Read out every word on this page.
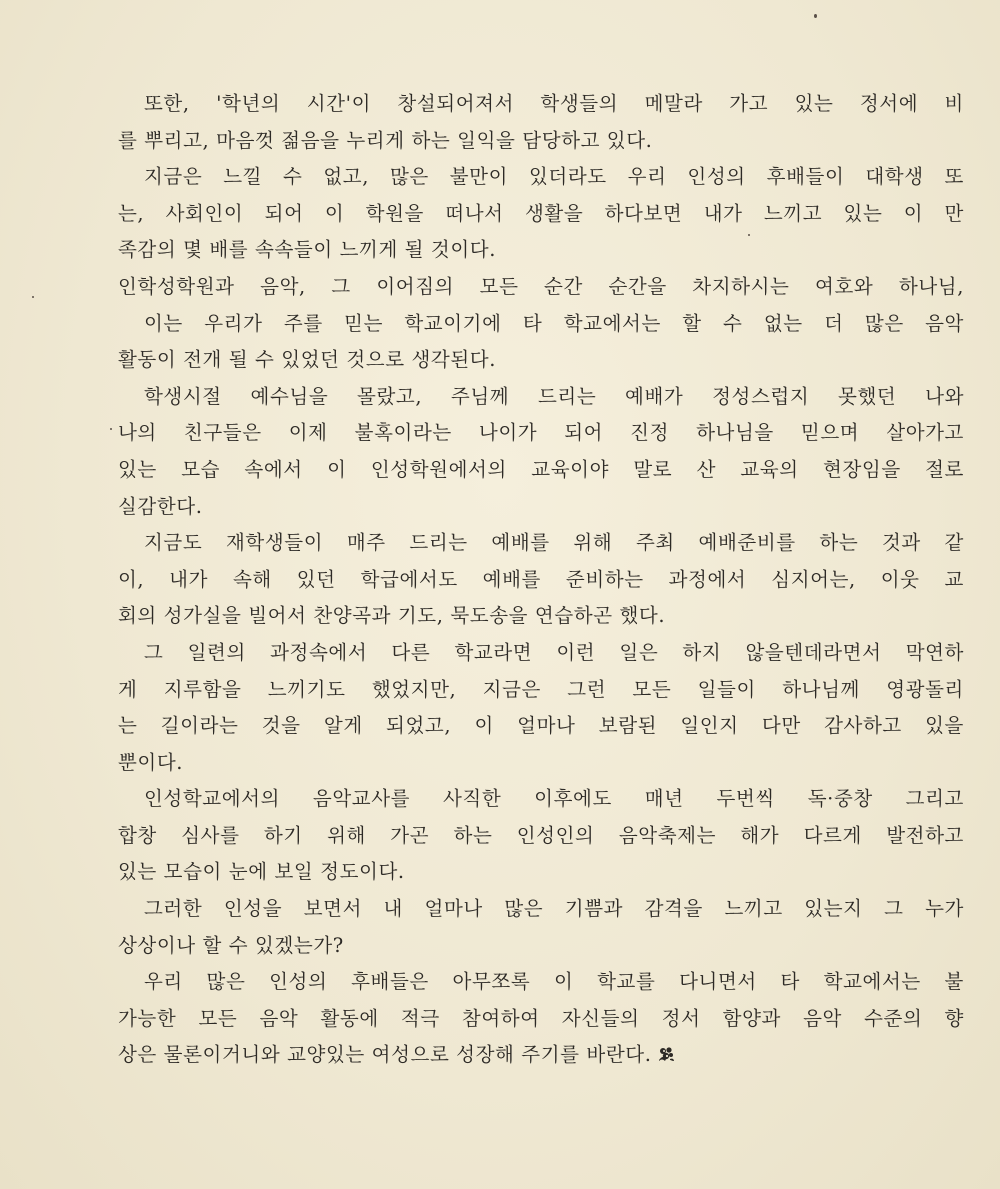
또한, '학년의 시간'이 창설되어져서 학생들의 메말라 가고 있는 정서에 비
를 뿌리고, 마음껏 젊음을 누리게 하는 일익을 담당하고 있다.
지금은 느낄 수 없고, 많은 불만이 있더라도 우리 인성의 후배들이 대학생 또
는, 사회인이 되어 이 학원을 떠나서 생활을 하다보면 내가 느끼고 있는 이 만
족감의 몇 배를 속속들이 느끼게 될 것이다.
인학성학원과 음악, 그 이어짐의 모든 순간 순간을 차지하시는 여호와 하나님,
이는 우리가 주를 믿는 학교이기에 타 학교에서는 할 수 없는 더 많은 음악
활동이 전개 될 수 있었던 것으로 생각된다.
학생시절 예수님을 몰랐고, 주님께 드리는 예배가 정성스럽지 못했던 나와
나의 친구들은 이제 불혹이라는 나이가 되어 진정 하나님을 믿으며 살아가고
있는 모습 속에서 이 인성학원에서의 교육이야 말로 산 교육의 현장임을 절로
실감한다.
지금도 재학생들이 매주 드리는 예배를 위해 주최 예배준비를 하는 것과 같
이, 내가 속해 있던 학급에서도 예배를 준비하는 과정에서 심지어는, 이웃 교
회의 성가실을 빌어서 찬양곡과 기도, 묵도송을 연습하곤 했다.
그 일련의 과정속에서 다른 학교라면 이런 일은 하지 않을텐데라면서 막연하
게 지루함을 느끼기도 했었지만, 지금은 그런 모든 일들이 하나님께 영광돌리
는 길이라는 것을 알게 되었고, 이 얼마나 보람된 일인지 다만 감사하고 있을
뿐이다.
인성학교에서의 음악교사를 사직한 이후에도 매년 두번씩 독·중창 그리고
합창 심사를 하기 위해 가곤 하는 인성인의 음악축제는 해가 다르게 발전하고
있는 모습이 눈에 보일 정도이다.
그러한 인성을 보면서 내 얼마나 많은 기쁨과 감격을 느끼고 있는지 그 누가
상상이나 할 수 있겠는가?
우리 많은 인성의 후배들은 아무쪼록 이 학교를 다니면서 타 학교에서는 불
가능한 모든 음악 활동에 적극 참여하여 자신들의 정서 함양과 음악 수준의 향
상은 물론이거니와 교양있는 여성으로 성장해 주기를 바란다.
